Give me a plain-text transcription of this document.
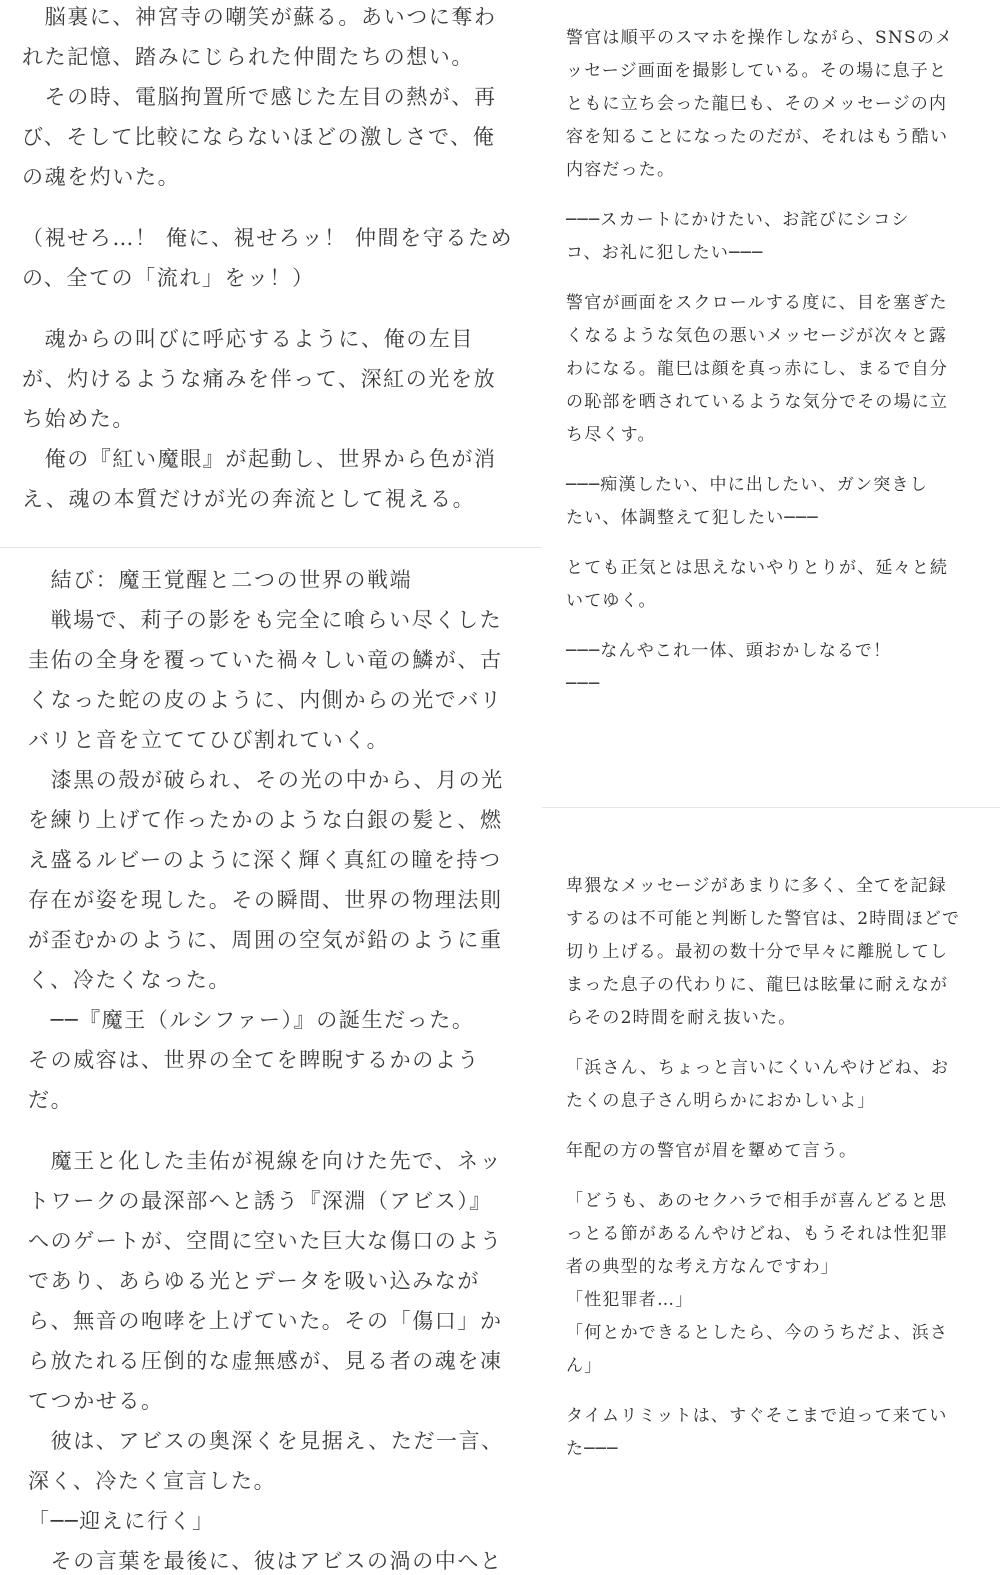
　脳裏に、神宮寺の嘲笑が蘇る。あいつに奪わ
れた記憶、踏みにじられた仲間たちの想い。
　その時、電脳拘置所で感じた左目の熱が、再
び、そして比較にならないほどの激しさで、俺
の魂を灼いた。
（視せろ…！ 俺に、視せろッ！ 仲間を守るため
の、全ての「流れ」をッ！）
　魂からの叫びに呼応するように、俺の左目
が、灼けるような痛みを伴って、深紅の光を放
ち始めた。
　俺の『紅い魔眼』が起動し、世界から色が消
え、魂の本質だけが光の奔流として視える。
　結び：魔王覚醒と二つの世界の戦端
　戦場で、莉子の影をも完全に喰らい尽くした
圭佑の全身を覆っていた禍々しい竜の鱗が、古
くなった蛇の皮のように、内側からの光でバリ
バリと音を立ててひび割れていく。
　漆黒の殻が破られ、その光の中から、月の光
を練り上げて作ったかのような白銀の髪と、燃
え盛るルビーのように深く輝く真紅の瞳を持つ
存在が姿を現した。その瞬間、世界の物理法則
が歪むかのように、周囲の空気が鉛のように重
く、冷たくなった。
　──『魔王（ルシファー）』の誕生だった。
その威容は、世界の全てを睥睨するかのよう
だ。
　魔王と化した圭佑が視線を向けた先で、ネッ
トワークの最深部へと誘う『深淵（アビス）』
へのゲートが、空間に空いた巨大な傷口のよう
であり、あらゆる光とデータを吸い込みなが
ら、無音の咆哮を上げていた。その「傷口」か
ら放たれる圧倒的な虚無感が、見る者の魂を凍
てつかせる。
　彼は、アビスの奥深くを見据え、ただ一言、
深く、冷たく宣言した。
「──迎えに行く」
　その言葉を最後に、彼はアビスの渦の中へと
警官は順平のスマホを操作しながら、SNSのメ
ッセージ画面を撮影している。その場に息子と
ともに立ち会った龍巳も、そのメッセージの内
容を知ることになったのだが、それはもう酷い
内容だった。
───スカートにかけたい、お詫びにシコシ
コ、お礼に犯したい───
警官が画面をスクロールする度に、目を塞ぎた
くなるような気色の悪いメッセージが次々と露
わになる。龍巳は顔を真っ赤にし、まるで自分
の恥部を晒されているような気分でその場に立
ち尽くす。
───痴漢したい、中に出したい、ガン突きし
たい、体調整えて犯したい───
とても正気とは思えないやりとりが、延々と続
いてゆく。
───なんやこれ一体、頭おかしなるで！
───
卑猥なメッセージがあまりに多く、全てを記録
するのは不可能と判断した警官は、2時間ほどで
切り上げる。最初の数十分で早々に離脱してし
まった息子の代わりに、龍巳は眩暈に耐えなが
らその2時間を耐え抜いた。
「浜さん、ちょっと言いにくいんやけどね、お
たくの息子さん明らかにおかしいよ」
年配の方の警官が眉を顰めて言う。
「どうも、あのセクハラで相手が喜んどると思
っとる節があるんやけどね、もうそれは性犯罪
者の典型的な考え方なんですわ」
「性犯罪者…」
「何とかできるとしたら、今のうちだよ、浜さ
ん」
タイムリミットは、すぐそこまで迫って来てい
た───
